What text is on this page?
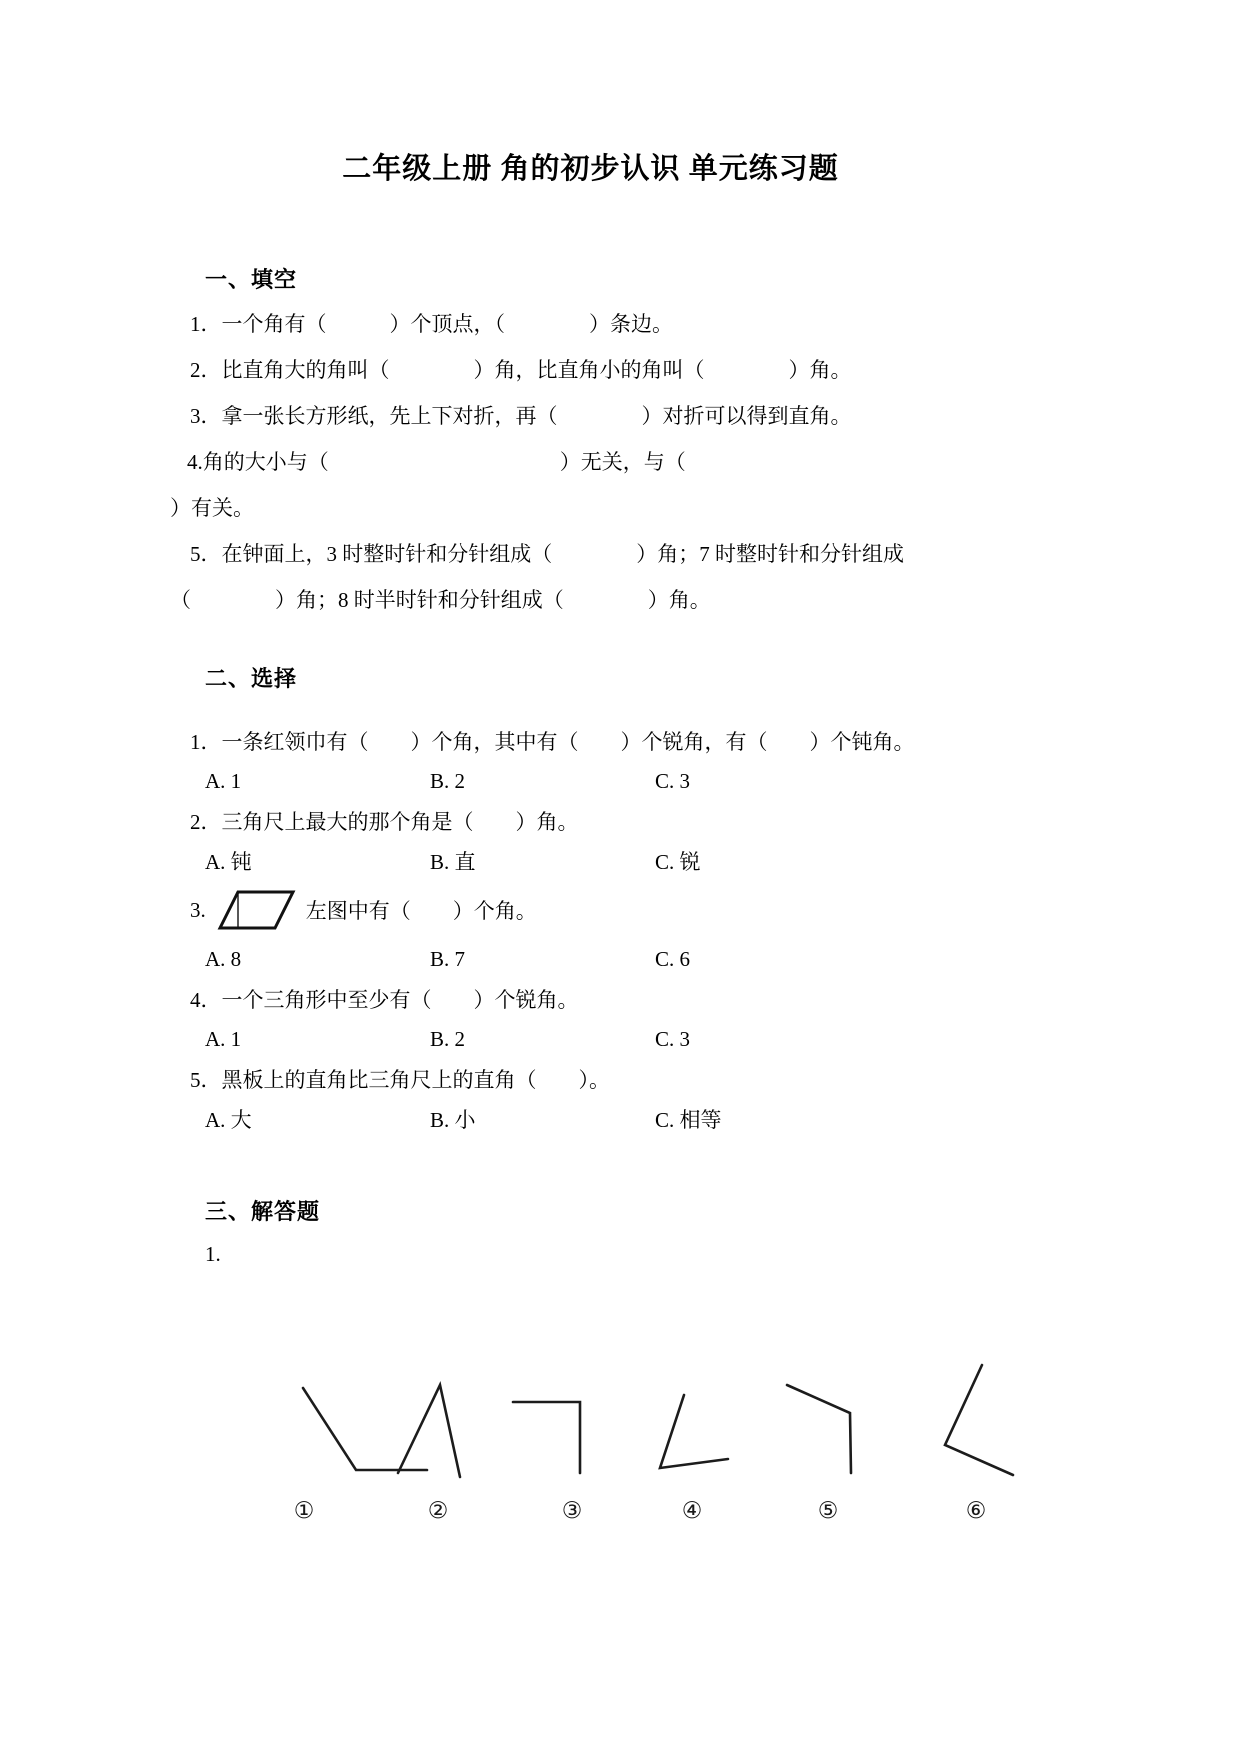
二年级上册 角的初步认识 单元练习题
一、填空
1．一个角有（　　　）个顶点，（　　　　）条边。
2．比直角大的角叫（　　　　）角，比直角小的角叫（　　　　）角。
3．拿一张长方形纸，先上下对折，再（　　　　）对折可以得到直角。
4.角的大小与（　　　　　　　　　　　）无关，与（
）有关。
5．在钟面上，3 时整时针和分针组成（　　　　）角；7 时整时针和分针组成
（　　　　）角；8 时半时针和分针组成（　　　　）角。
二、选择
1．一条红领巾有（　　）个角，其中有（　　）个锐角，有（　　）个钝角。
A. 1	B. 2	C. 3
2．三角尺上最大的那个角是（　　）角。
A. 钝	B. 直	C. 锐
3.	左图中有（　　）个角。
A. 8	B. 7	C. 6
4．一个三角形中至少有（　　）个锐角。
A. 1	B. 2	C. 3
5．黑板上的直角比三角尺上的直角（　　）。
A. 大	B. 小	C. 相等
三、解答题
1.
①	②	③	④	⑤	⑥
